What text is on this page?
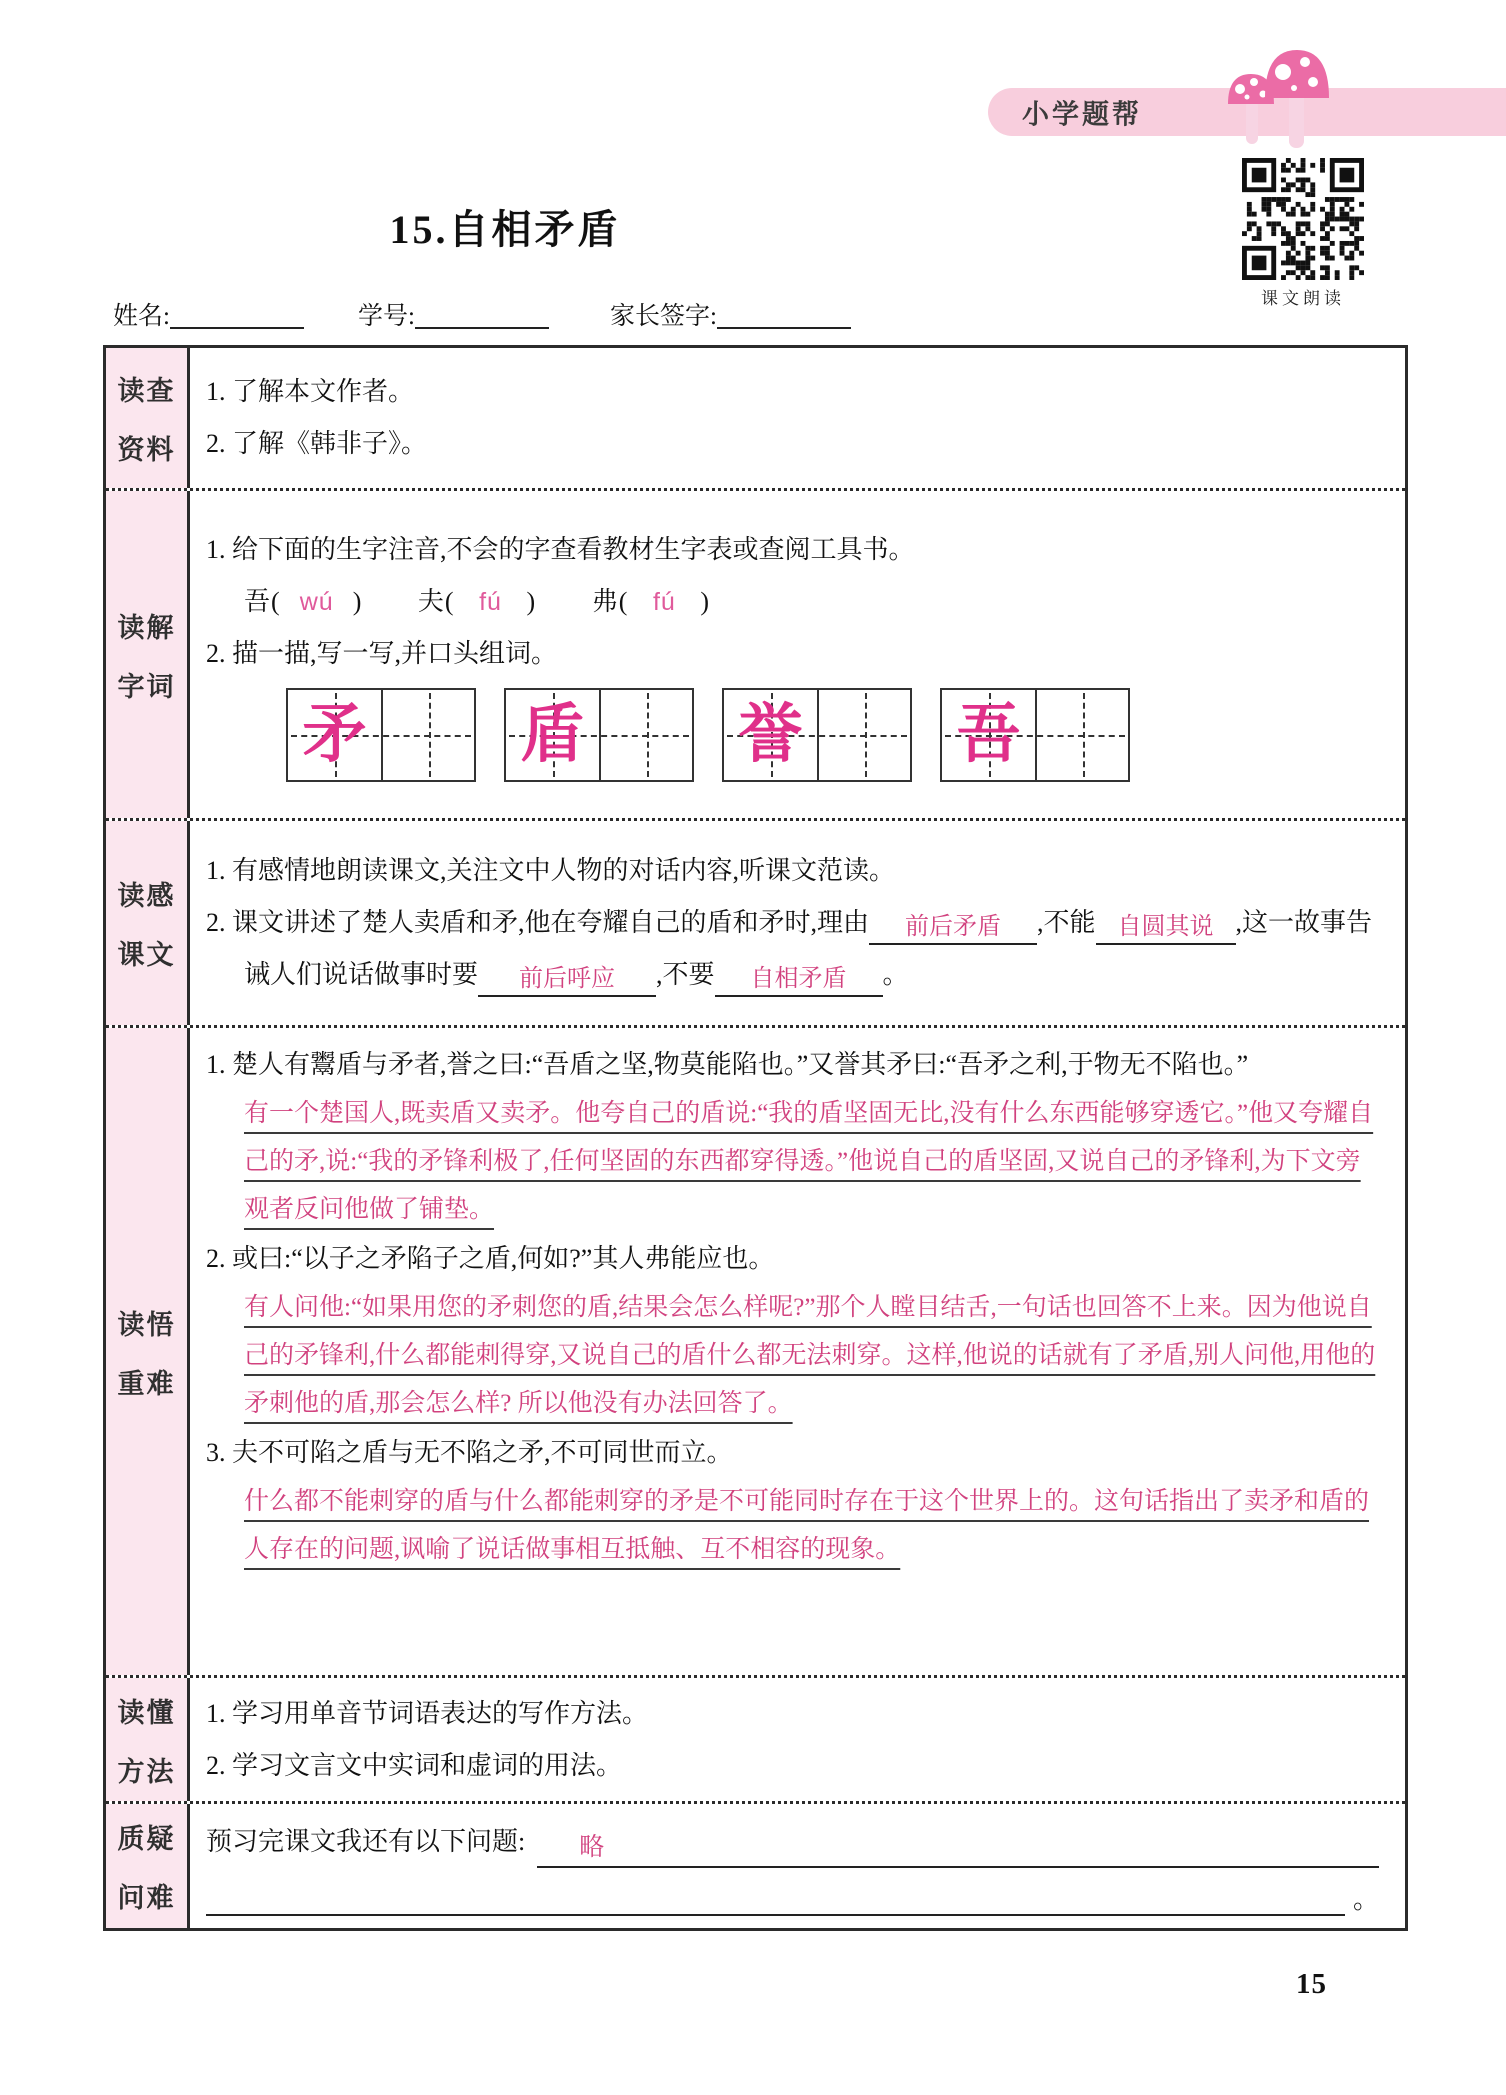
小学题帮
课文朗读
15.自相矛盾
姓名:	学号:	家长签字:
读查
资料
1. 了解本文作者。
2. 了解《韩非子》。
读解
字词
1. 给下面的生字注音,不会的字查看教材生字表或查阅工具书。
吾( wú ) 夫( fú ) 弗( fú )
2. 描一描,写一写,并口头组词。
矛 盾 誉 吾
读感
课文
1. 有感情地朗读课文,关注文中人物的对话内容,听课文范读。

2. 课文讲述了楚人卖盾和矛,他在夸耀自己的盾和矛时,理由 前后矛盾 ,不能 自圆其说 ,这一故事告诫人们说话做事时要 前后呼应 ,不要 自相矛盾 。

读悟
重难
1. 楚人有鬻盾与矛者,誉之曰:“吾盾之坚,物莫能陷也。”又誉其矛曰:“吾矛之利,于物无不陷也。”
有一个楚国人,既卖盾又卖矛。他夸自己的盾说:“我的盾坚固无比,没有什么东西能够穿透它。”他又夸耀自己的矛,说:“我的矛锋利极了,任何坚固的东西都穿得透。”他说自己的盾坚固,又说自己的矛锋利,为下文旁观者反问他做了铺垫。
2. 或曰:“以子之矛陷子之盾,何如?”其人弗能应也。
有人问他:“如果用您的矛刺您的盾,结果会怎么样呢?”那个人瞠目结舌,一句话也回答不上来。因为他说自己的矛锋利,什么都能刺得穿,又说自己的盾什么都无法刺穿。这样,他说的话就有了矛盾,别人问他,用他的矛刺他的盾,那会怎么样? 所以他没有办法回答了。
3. 夫不可陷之盾与无不陷之矛,不可同世而立。
什么都不能刺穿的盾与什么都能刺穿的矛是不可能同时存在于这个世界上的。这句话指出了卖矛和盾的人存在的问题,讽喻了说话做事相互抵触、互不相容的现象。
读懂
方法
1. 学习用单音节词语表达的写作方法。
2. 学习文言文中实词和虚词的用法。
质疑
问难
预习完课文我还有以下问题:	略
。
15
